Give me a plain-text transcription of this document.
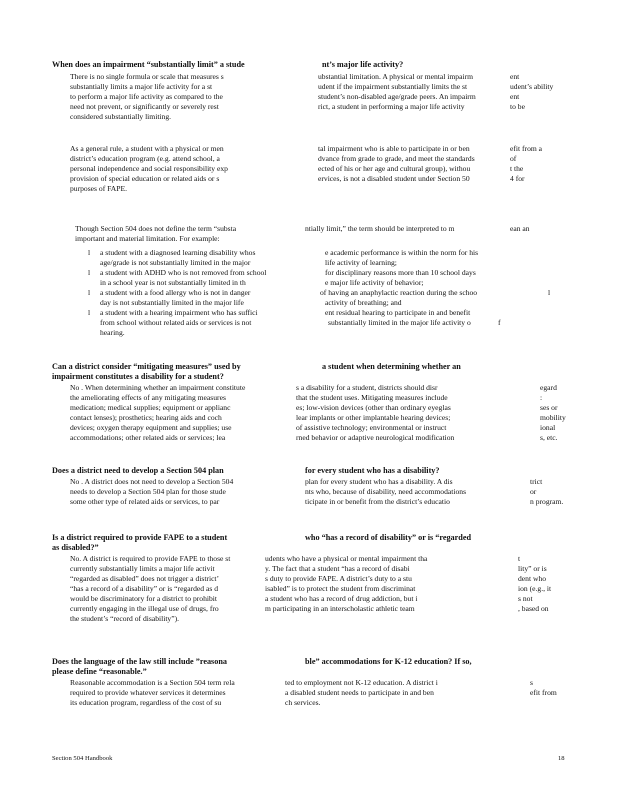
When does an impairment “substantially limit” a stude	nt’s major life activity?
There is no single formula or scale that measures s	ubstantial limitation. A physical or mental impairm	ent
substantially limits a major life activity for a st	udent if the impairment substantially limits the st	udent’s ability
to perform a major life activity as compared to the	student’s non-disabled age/grade peers. An impairm	ent
need not prevent, or significantly or severely rest	rict, a student in performing a major life activity	to be
considered substantially limiting.
As a general rule, a student with a physical or men	tal impairment who is able to participate in or ben	efit from a
district’s education program (e.g. attend school, a	dvance from grade to grade, and meet the standards	of
personal independence and social responsibility exp	ected of his or her age and cultural group), withou	t the
provision of special education or related aids or s	ervices, is not a disabled student under Section 50	4 for
purposes of FAPE.
Though Section 504 does not define the term “substa	ntially limit,” the term should be interpreted to m	ean an
important and material limitation. For example:
l a student with a diagnosed learning disability whos	e academic performance is within the norm for his
age/grade is not substantially limited in the major	life activity of learning;
l a student with ADHD who is not removed from school	for disciplinary reasons more than 10 school days
in a school year is not substantially limited in th	e major life activity of behavior;
l a student with a food allergy who is not in danger	of having an anaphylactic reaction during the schoo	l
day is not substantially limited in the major life	activity of breathing; and
l a student with a hearing impairment who has suffici	ent residual hearing to participate in and benefit
from school without related aids or services is not	substantially limited in the major life activity o	f
hearing.
Can a district consider “mitigating measures” used by	a student when determining whether an
impairment constitutes a disability for a student?
No . When determining whether an impairment constitute	s a disability for a student, districts should disr	egard
the ameliorating effects of any mitigating measures	that the student uses. Mitigating measures include	:
medication; medical supplies; equipment or applianc	es; low-vision devices (other than ordinary eyeglas	ses or
contact lenses); prosthetics; hearing aids and coch	lear implants or other implantable hearing devices;	mobility
devices; oxygen therapy equipment and supplies; use	of assistive technology; environmental or instruct	ional
accommodations; other related aids or services; lea	rned behavior or adaptive neurological modification	s, etc.
Does a district need to develop a Section 504 plan	for every student who has a disability?
No . A district does not need to develop a Section 504	plan for every student who has a disability. A dis	trict
needs to develop a Section 504 plan for those stude	nts who, because of disability, need accommodations	or
some other type of related aids or services, to par	ticipate in or benefit from the district’s educatio	n program.
Is a district required to provide FAPE to a student	who “has a record of disability” or is “regarded
as disabled?”
No. A district is required to provide FAPE to those st	udents who have a physical or mental impairment tha	t
currently substantially limits a major life activit	y. The fact that a student “has a record of disabi	lity” or is
“regarded as disabled” does not trigger a district’	s duty to provide FAPE. A district’s duty to a stu	dent who
“has a record of a disability” or is “regarded as d	isabled” is to protect the student from discriminat	ion (e.g., it
would be discriminatory for a district to prohibit	a student who has a record of drug addiction, but i	s not
currently engaging in the illegal use of drugs, fro	m participating in an interscholastic athletic team	, based on
the student’s “record of disability”).
Does the language of the law still include ”reasona	ble” accommodations for K-12 education? If so,
please define “reasonable.”
Reasonable accommodation is a Section 504 term rela	ted to employment not K-12 education. A district i	s
required to provide whatever services it determines	a disabled student needs to participate in and ben	efit from
its education program, regardless of the cost of su	ch services.
Section 504 Handbook	18
